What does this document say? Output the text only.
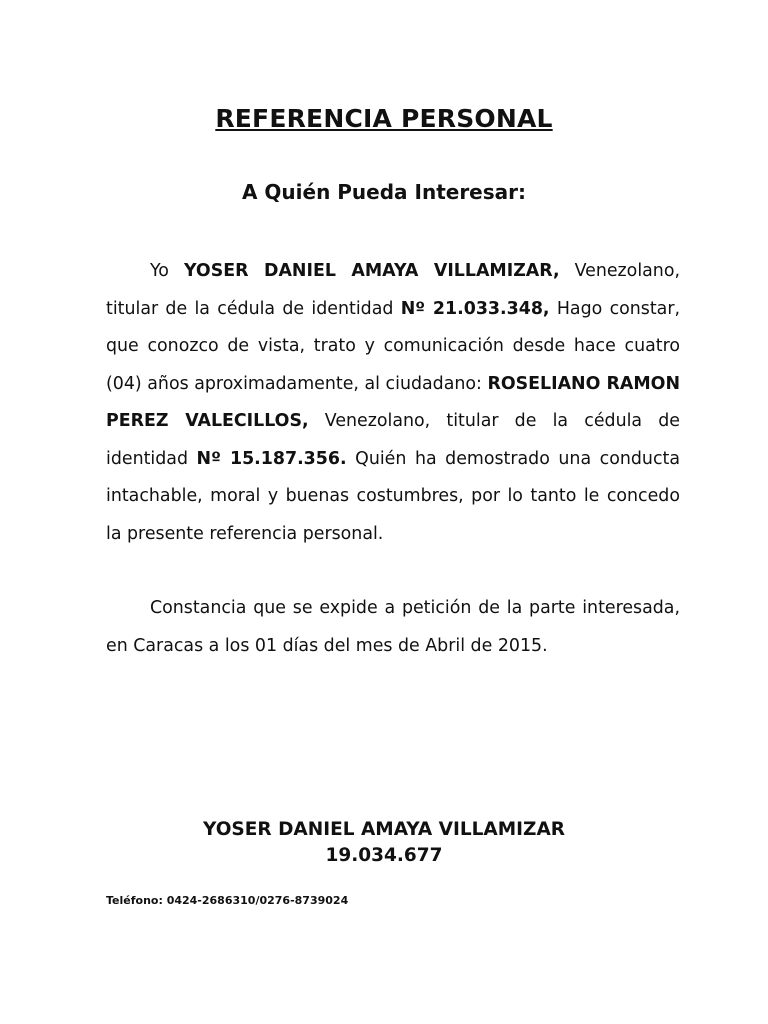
REFERENCIA PERSONAL
A Quién Pueda Interesar:

Yo YOSER DANIEL AMAYA VILLAMIZAR, Venezolano, titular de la cédula de identidad Nº 21.033.348, Hago constar, que conozco de vista, trato y comunicación desde hace cuatro (04) años aproximadamente, al ciudadano: ROSELIANO RAMON PEREZ VALECILLOS, Venezolano, titular de la cédula de identidad Nº 15.187.356. Quién ha demostrado una conducta intachable, moral y buenas costumbres, por lo tanto le concedo la presente referencia personal.

Constancia que se expide a petición de la parte interesada, en Caracas a los 01 días del mes de Abril de 2015.

YOSER DANIEL AMAYA VILLAMIZAR
19.034.677
Teléfono: 0424-2686310/0276-8739024
